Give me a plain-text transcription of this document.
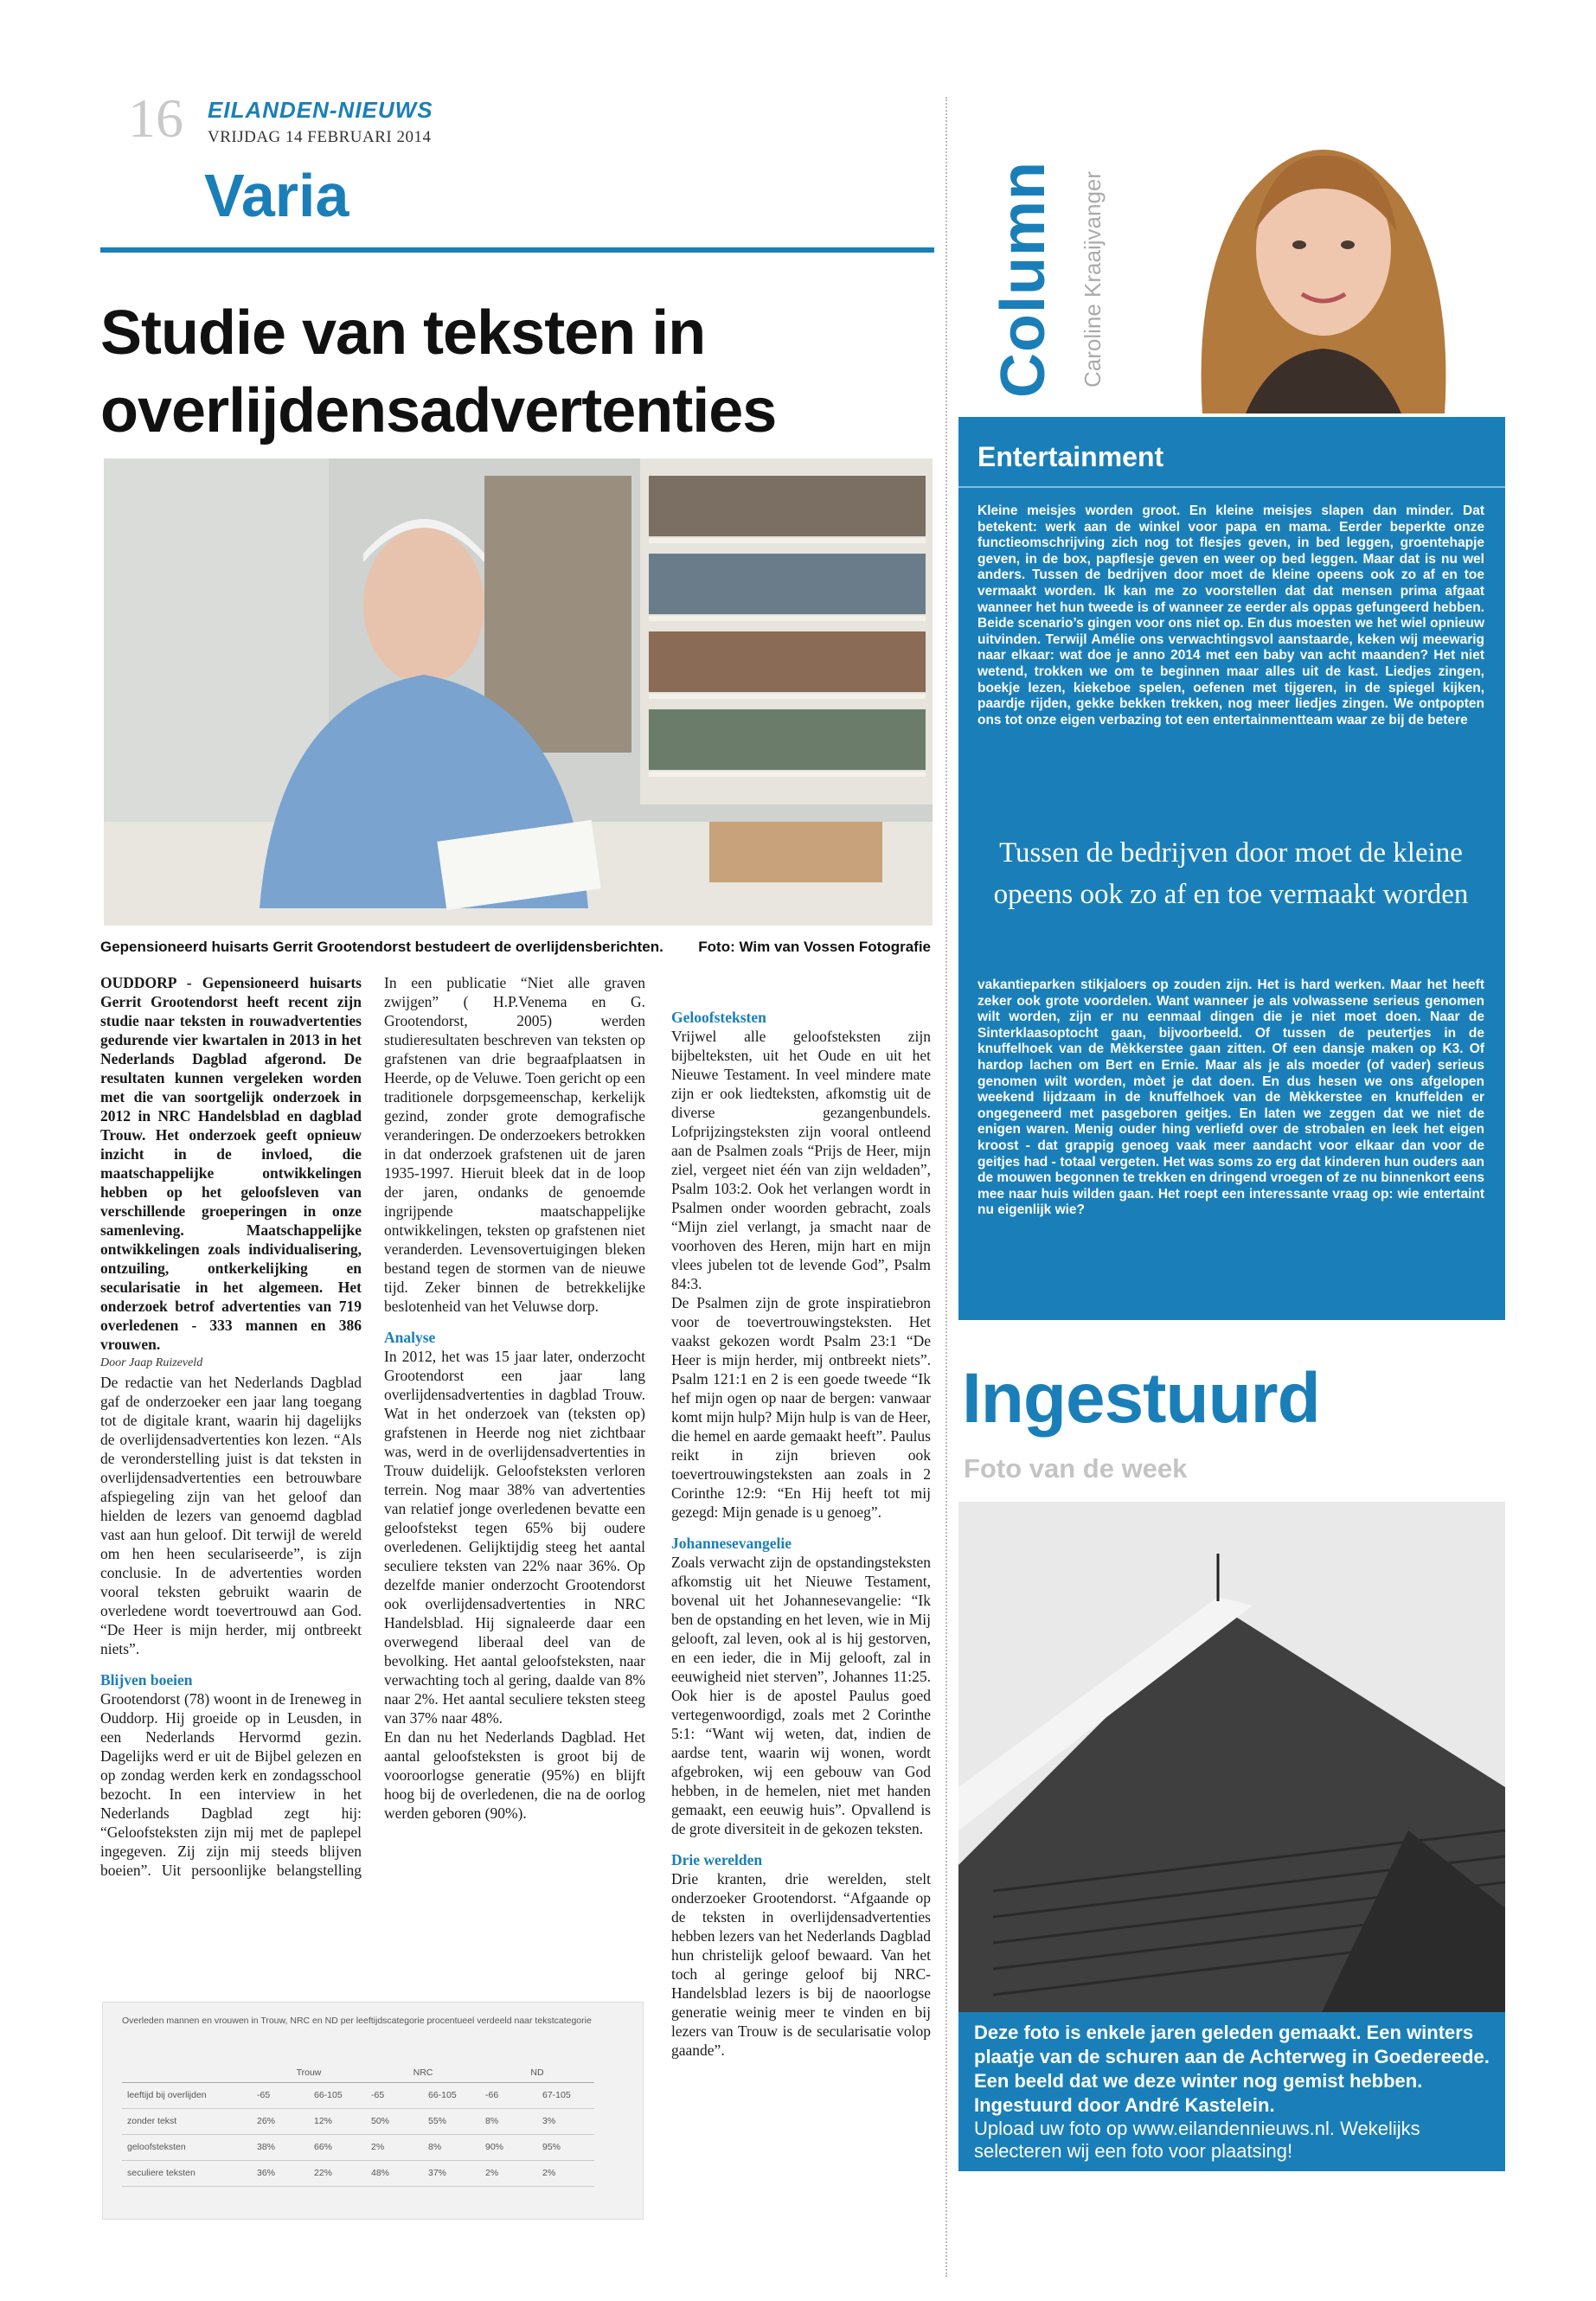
16 EILANDEN-NIEUWS
VRIJDAG 14 FEBRUARI 2014
Varia
Studie van teksten in
overlijdensadvertenties
Gepensioneerd huisarts Gerrit Grootendorst bestudeert de overlijdensberichten. Foto: Wim van Vossen Fotografie

OUDDORP - Gepensioneerd huisarts Gerrit Grootendorst heeft recent zijn studie naar teksten in rouwadvertenties gedurende vier kwartalen in 2013 in het Nederlands Dagblad afgerond. De resultaten kunnen vergeleken worden met die van soortgelijk onderzoek in 2012 in NRC Handelsblad en dagblad Trouw. Het onderzoek geeft opnieuw inzicht in de invloed, die maatschappelijke ontwikkelingen hebben op het geloofsleven van verschillende groeperingen in onze samenleving. Maatschappelijke ontwikkelingen zoals individualisering, ontzuiling, ontkerkelijking en secularisatie in het algemeen. Het onderzoek betrof advertenties van 719 overledenen - 333 mannen en 386 vrouwen.

Door Jaap Ruizeveld

De redactie van het Nederlands Dagblad gaf de onderzoeker een jaar lang toegang tot de digitale krant, waarin hij dagelijks de overlijdensadvertenties kon lezen. “Als de veronderstelling juist is dat teksten in overlijdensadvertenties een betrouwbare afspiegeling zijn van het geloof dan hielden de lezers van genoemd dagblad vast aan hun geloof. Dit terwijl de wereld om hen heen seculariseerde”, is zijn conclusie. In de advertenties worden vooral teksten gebruikt waarin de overledene wordt toevertrouwd aan God. “De Heer is mijn herder, mij ontbreekt niets”.

Blijven boeien

Grootendorst (78) woont in de Ireneweg in Ouddorp. Hij groeide op in Leusden, in een Nederlands Hervormd gezin. Dagelijks werd er uit de Bijbel gelezen en op zondag werden kerk en zondagsschool bezocht. In een interview in het Nederlands Dagblad zegt hij: “Geloofsteksten zijn mij met de paplepel ingegeven. Zij zijn mij steeds blijven boeien”. Uit persoonlijke belangstelling

In een publicatie “Niet alle graven zwijgen” ( H.P.Venema en G. Grootendorst, 2005) werden studieresultaten beschreven van teksten op grafstenen van drie begraafplaatsen in Heerde, op de Veluwe. Toen gericht op een traditionele dorpsgemeenschap, kerkelijk gezind, zonder grote demografische veranderingen. De onderzoekers betrokken in dat onderzoek grafstenen uit de jaren 1935-1997. Hieruit bleek dat in de loop der jaren, ondanks de genoemde ingrijpende maatschappelijke ontwikkelingen, teksten op grafstenen niet veranderden. Levensovertuigingen bleken bestand tegen de stormen van de nieuwe tijd. Zeker binnen de betrekkelijke beslotenheid van het Veluwse dorp.

Analyse

In 2012, het was 15 jaar later, onderzocht Grootendorst een jaar lang overlijdensadvertenties in dagblad Trouw. Wat in het onderzoek van (teksten op) grafstenen in Heerde nog niet zichtbaar was, werd in de overlijdensadvertenties in Trouw duidelijk. Geloofsteksten verloren terrein. Nog maar 38% van advertenties van relatief jonge overledenen bevatte een geloofstekst tegen 65% bij oudere overledenen. Gelijktijdig steeg het aantal seculiere teksten van 22% naar 36%. Op dezelfde manier onderzocht Grootendorst ook overlijdensadvertenties in NRC Handelsblad. Hij signaleerde daar een overwegend liberaal deel van de bevolking. Het aantal geloofsteksten, naar verwachting toch al gering, daalde van 8% naar 2%. Het aantal seculiere teksten steeg van 37% naar 48%.

En dan nu het Nederlands Dagblad. Het aantal geloofsteksten is groot bij de vooroorlogse generatie (95%) en blijft hoog bij de overledenen, die na de oorlog werden geboren (90%).

Geloofsteksten

Vrijwel alle geloofsteksten zijn bijbelteksten, uit het Oude en uit het Nieuwe Testament. In veel mindere mate zijn er ook liedteksten, afkomstig uit de diverse gezangenbundels. Lofprijzingsteksten zijn vooral ontleend aan de Psalmen zoals “Prijs de Heer, mijn ziel, vergeet niet één van zijn weldaden”, Psalm 103:2. Ook het verlangen wordt in Psalmen onder woorden gebracht, zoals “Mijn ziel verlangt, ja smacht naar de voorhoven des Heren, mijn hart en mijn vlees jubelen tot de levende God”, Psalm 84:3.

De Psalmen zijn de grote inspiratiebron voor de toevertrouwingsteksten. Het vaakst gekozen wordt Psalm 23:1 “De Heer is mijn herder, mij ontbreekt niets”. Psalm 121:1 en 2 is een goede tweede “Ik hef mijn ogen op naar de bergen: vanwaar komt mijn hulp? Mijn hulp is van de Heer, die hemel en aarde gemaakt heeft”. Paulus reikt in zijn brieven ook toevertrouwingsteksten aan zoals in 2 Corinthe 12:9: “En Hij heeft tot mij gezegd: Mijn genade is u genoeg”.

Johannesevangelie

Zoals verwacht zijn de opstandingsteksten afkomstig uit het Nieuwe Testament, bovenal uit het Johannesevangelie: “Ik ben de opstanding en het leven, wie in Mij gelooft, zal leven, ook al is hij gestorven, en een ieder, die in Mij gelooft, zal in eeuwigheid niet sterven”, Johannes 11:25. Ook hier is de apostel Paulus goed vertegenwoordigd, zoals met 2 Corinthe 5:1: “Want wij weten, dat, indien de aardse tent, waarin wij wonen, wordt afgebroken, wij een gebouw van God hebben, in de hemelen, niet met handen gemaakt, een eeuwig huis”. Opvallend is de grote diversiteit in de gekozen teksten.

Drie werelden

Drie kranten, drie werelden, stelt onderzoeker Grootendorst. “Afgaande op de teksten in overlijdensadvertenties hebben lezers van het Nederlands Dagblad hun christelijk geloof bewaard. Van het toch al geringe geloof bij NRC-Handelsblad lezers is bij de naoorlogse generatie weinig meer te vinden en bij lezers van Trouw is de secularisatie volop gaande”.

Overleden mannen en vrouwen in Trouw, NRC en ND per leeftijdscategorie procentueel verdeeld naar tekstcategorie
	Trouw		NRC		ND	
leeftijd bij overlijden	-65	66-105	-65	66-105	-66	67-105
zonder tekst	26%	12%	50%	55%	8%	3%
geloofsteksten	38%	66%	2%	8%	90%	95%
seculiere teksten	36%	22%	48%	37%	2%	2%
Column Caroline Kraaijvanger
Entertainment
Kleine meisjes worden groot. En kleine meisjes slapen dan minder. Dat betekent: werk aan de winkel voor papa en mama. Eerder beperkte onze functieomschrijving zich nog tot flesjes geven, in bed leggen, groentehapje geven, in de box, papflesje geven en weer op bed leggen. Maar dat is nu wel anders. Tussen de bedrijven door moet de kleine opeens ook zo af en toe vermaakt worden. Ik kan me zo voorstellen dat dat mensen prima afgaat wanneer het hun tweede is of wanneer ze eerder als oppas gefungeerd hebben. Beide scenario’s gingen voor ons niet op. En dus moesten we het wiel opnieuw uitvinden. Terwijl Amélie ons verwachtingsvol aanstaarde, keken wij meewarig naar elkaar: wat doe je anno 2014 met een baby van acht maanden? Het niet wetend, trokken we om te beginnen maar alles uit de kast. Liedjes zingen, boekje lezen, kiekeboe spelen, oefenen met tijgeren, in de spiegel kijken, paardje rijden, gekke bekken trekken, nog meer liedjes zingen. We ontpopten ons tot onze eigen verbazing tot een entertainmentteam waar ze bij de betere
Tussen de bedrijven door moet de kleine opeens ook zo af en toe vermaakt worden
vakantieparken stikjaloers op zouden zijn. Het is hard werken. Maar het heeft zeker ook grote voordelen. Want wanneer je als volwassene serieus genomen wilt worden, zijn er nu eenmaal dingen die je niet moet doen. Naar de Sinterklaasoptocht gaan, bijvoorbeeld. Of tussen de peutertjes in de knuffelhoek van de Mèkkerstee gaan zitten. Of een dansje maken op K3. Of hardop lachen om Bert en Ernie. Maar als je als moeder (of vader) serieus genomen wilt worden, mòet je dat doen. En dus hesen we ons afgelopen weekend lijdzaam in de knuffelhoek van de Mèkkerstee en knuffelden er ongegeneerd met pasgeboren geitjes. En laten we zeggen dat we niet de enigen waren. Menig ouder hing verliefd over de strobalen en leek het eigen kroost - dat grappig genoeg vaak meer aandacht voor elkaar dan voor de geitjes had - totaal vergeten. Het was soms zo erg dat kinderen hun ouders aan de mouwen begonnen te trekken en dringend vroegen of ze nu binnenkort eens mee naar huis wilden gaan. Het roept een interessante vraag op: wie entertaint nu eigenlijk wie?
Ingestuurd
Foto van de week
Deze foto is enkele jaren geleden gemaakt. Een winters plaatje van de schuren aan de Achterweg in Goedereede. Een beeld dat we deze winter nog gemist hebben. Ingestuurd door André Kastelein.
Upload uw foto op www.eilandennieuws.nl. Wekelijks selecteren wij een foto voor plaatsing!
